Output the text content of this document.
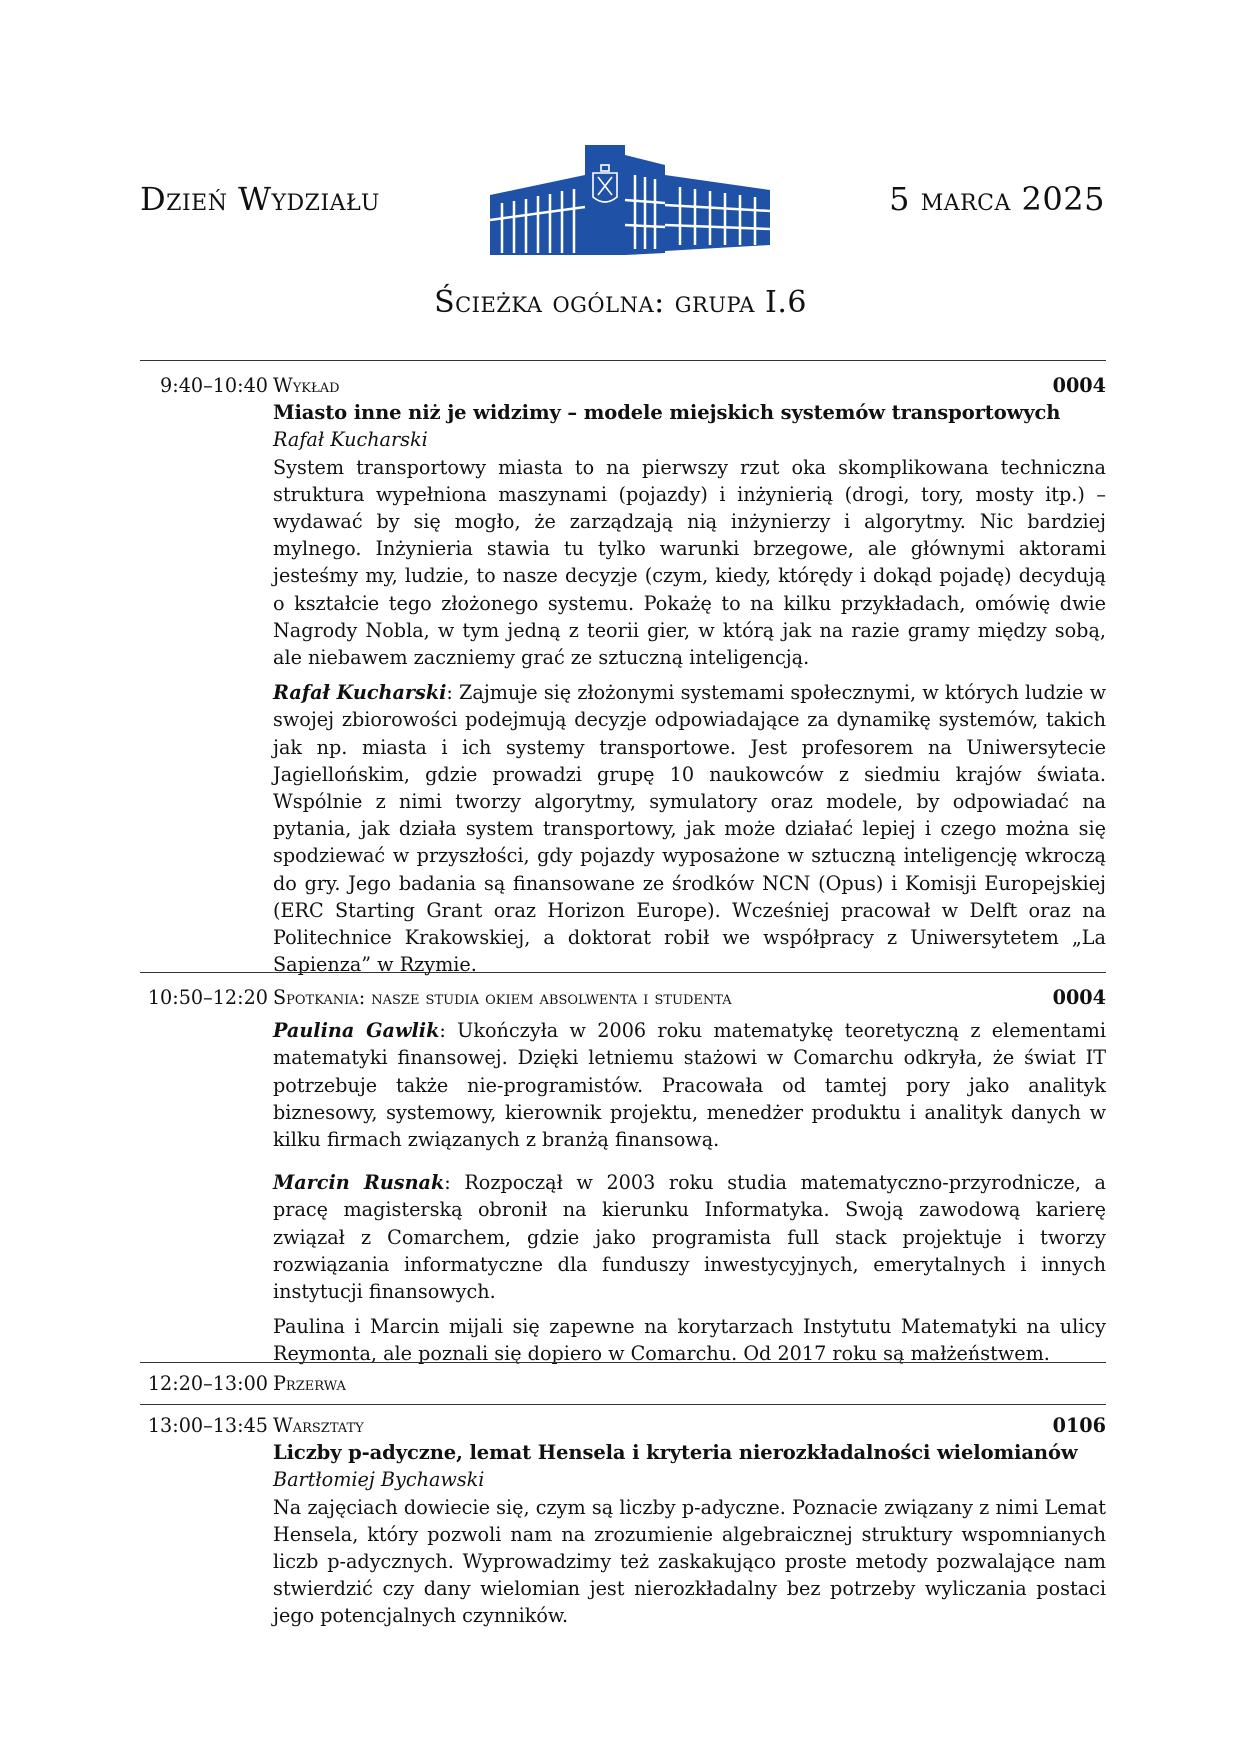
Dzień Wydziału	5 marca 2025
Ścieżka ogólna: grupa I.6
9:40–10:40 Wykład	0004
Miasto inne niż je widzimy – modele miejskich systemów transportowych
Rafał Kucharski

System transportowy miasta to na pierwszy rzut oka skomplikowana techniczna struktura wypełniona maszynami (pojazdy) i inżynierią (drogi, tory, mosty itp.) – wydawać by się mogło, że zarządzają nią inżynierzy i algorytmy. Nic bardziej mylnego. Inżynieria stawia tu tylko warunki brzegowe, ale głównymi aktorami jesteśmy my, ludzie, to nasze decyzje (czym, kiedy, którędy i dokąd pojadę) decydują o kształcie tego złożonego systemu. Pokażę to na kilku przykładach, omówię dwie Nagrody Nobla, w tym jedną z teorii gier, w którą jak na razie gramy między sobą, ale niebawem zaczniemy grać ze sztuczną inteligencją.

Rafał Kucharski: Zajmuje się złożonymi systemami społecznymi, w których ludzie w swojej zbiorowości podejmują decyzje odpowiadające za dynamikę systemów, takich jak np. miasta i ich systemy transportowe. Jest profesorem na Uniwersytecie Jagiellońskim, gdzie prowadzi grupę 10 naukowców z siedmiu krajów świata. Wspólnie z nimi tworzy algorytmy, symulatory oraz modele, by odpowiadać na pytania, jak działa system transportowy, jak może działać lepiej i czego można się spodziewać w przyszłości, gdy pojazdy wyposażone w sztuczną inteligencję wkroczą do gry. Jego badania są finansowane ze środków NCN (Opus) i Komisji Europejskiej (ERC Starting Grant oraz Horizon Europe). Wcześniej pracował w Delft oraz na Politechnice Krakowskiej, a doktorat robił we współpracy z Uniwersytetem „La Sapienza” w Rzymie.

10:50–12:20 Spotkania: nasze studia okiem absolwenta i studenta	0004

Paulina Gawlik: Ukończyła w 2006 roku matematykę teoretyczną z elementami matematyki finansowej. Dzięki letniemu stażowi w Comarchu odkryła, że świat IT potrzebuje także nie-programistów. Pracowała od tamtej pory jako analityk biznesowy, systemowy, kierownik projektu, menedżer produktu i analityk danych w kilku firmach związanych z branżą finansową.

Marcin Rusnak: Rozpoczął w 2003 roku studia matematyczno-przyrodnicze, a pracę magisterską obronił na kierunku Informatyka. Swoją zawodową karierę związał z Comarchem, gdzie jako programista full stack projektuje i tworzy rozwiązania informatyczne dla funduszy inwestycyjnych, emerytalnych i innych instytucji finansowych.

Paulina i Marcin mijali się zapewne na korytarzach Instytutu Matematyki na ulicy Reymonta, ale poznali się dopiero w Comarchu. Od 2017 roku są małżeństwem.

12:20–13:00 Przerwa
13:00–13:45 Warsztaty	0106
Liczby p-adyczne, lemat Hensela i kryteria nierozkładalności wielomianów
Bartłomiej Bychawski

Na zajęciach dowiecie się, czym są liczby p-adyczne. Poznacie związany z nimi Lemat Hensela, który pozwoli nam na zrozumienie algebraicznej struktury wspomnianych liczb p-adycznych. Wyprowadzimy też zaskakująco proste metody pozwalające nam stwierdzić czy dany wielomian jest nierozkładalny bez potrzeby wyliczania postaci jego potencjalnych czynników.
